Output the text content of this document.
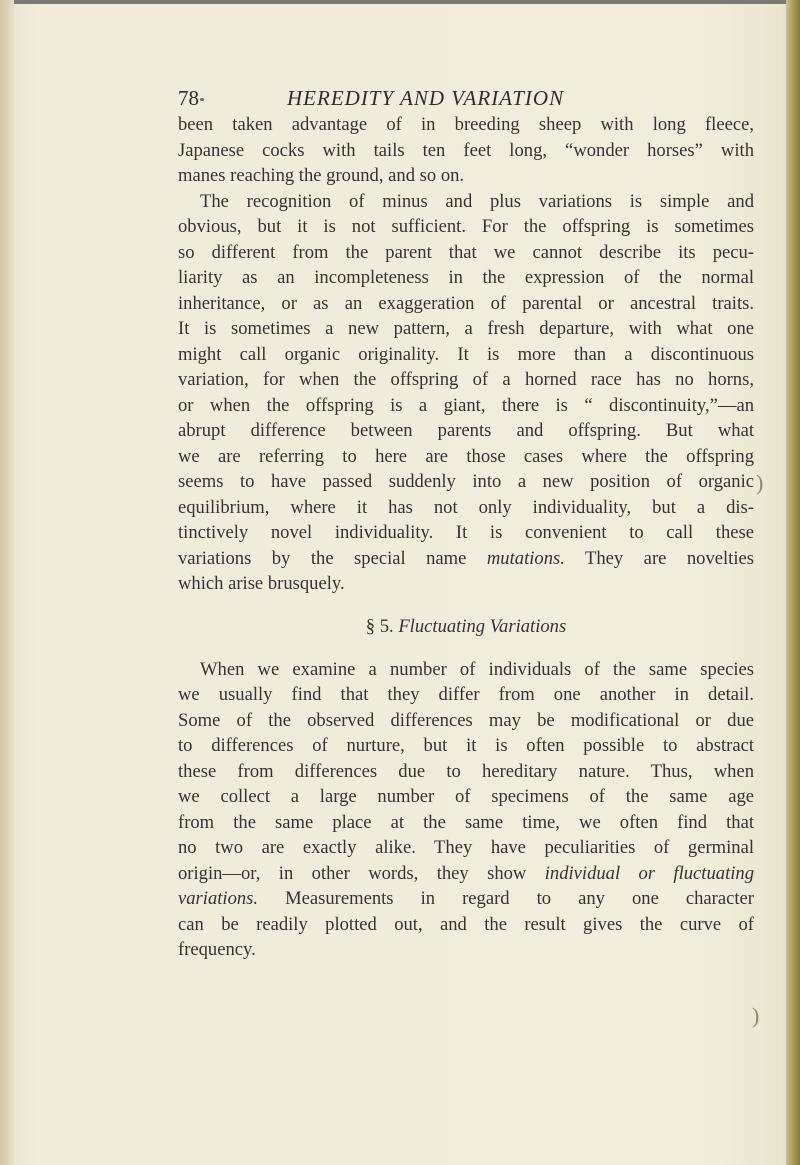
78	HEREDITY AND VARIATION
been taken advantage of in breeding sheep with long fleece,
Japanese cocks with tails ten feet long, “wonder horses” with
manes reaching the ground, and so on.
The recognition of minus and plus variations is simple and
obvious, but it is not sufficient. For the offspring is sometimes
so different from the parent that we cannot describe its pecu-
liarity as an incompleteness in the expression of the normal
inheritance, or as an exaggeration of parental or ancestral traits.
It is sometimes a new pattern, a fresh departure, with what one
might call organic originality. It is more than a discontinuous
variation, for when the offspring of a horned race has no horns,
or when the offspring is a giant, there is “ discontinuity,”—an
abrupt difference between parents and offspring. But what
we are referring to here are those cases where the offspring
seems to have passed suddenly into a new position of organic
equilibrium, where it has not only individuality, but a dis-
tinctively novel individuality. It is convenient to call these
variations by the special name mutations. They are novelties
which arise brusquely.
§ 5. Fluctuating Variations
When we examine a number of individuals of the same species
we usually find that they differ from one another in detail.
Some of the observed differences may be modificational or due
to differences of nurture, but it is often possible to abstract
these from differences due to hereditary nature. Thus, when
we collect a large number of specimens of the same age
from the same place at the same time, we often find that
no two are exactly alike. They have peculiarities of germinal
origin—or, in other words, they show individual or fluctuating
variations. Measurements in regard to any one character
can be readily plotted out, and the result gives the curve of
frequency.
)
)
